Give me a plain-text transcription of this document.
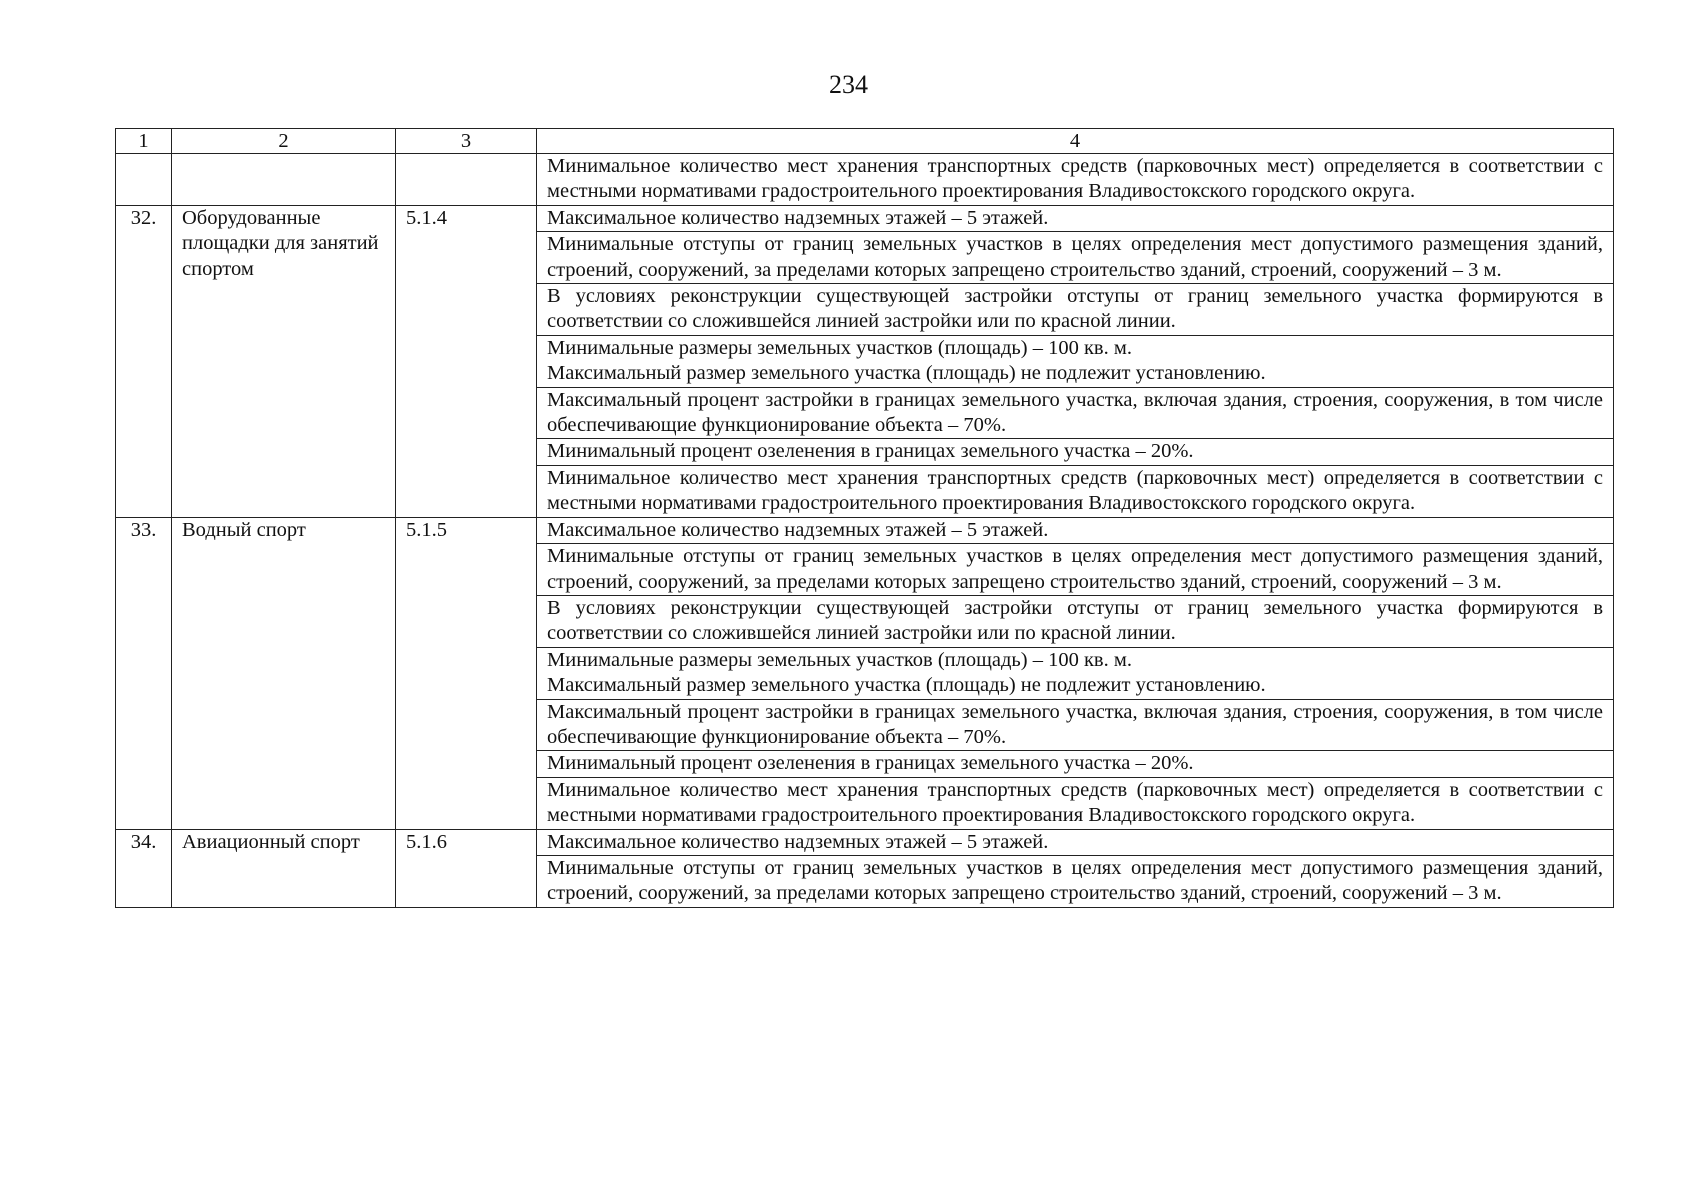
234
1	2	3	4
			Минимальное количество мест хранения транспортных средств (парковочных мест) определяется в соответствии с местными нормативами градостроительного проектирования Владивостокского городского округа.
32.	Оборудованные площадки для занятий спортом	5.1.4	Максимальное количество надземных этажей – 5 этажей.
			Минимальные отступы от границ земельных участков в целях определения мест допустимого размещения зданий, строений, сооружений, за пределами которых запрещено строительство зданий, строений, сооружений – 3 м.
			В условиях реконструкции существующей застройки отступы от границ земельного участка формируются в соответствии со сложившейся линией застройки или по красной линии.

			Минимальные размеры земельных участков (площадь) – 100 кв. м.
Максимальный размер земельного участка (площадь) не подлежит установлению.

			Максимальный процент застройки в границах земельного участка, включая здания, строения, сооружения, в том числе обеспечивающие функционирование объекта – 70%.
			Минимальный процент озеленения в границах земельного участка – 20%.
			Минимальное количество мест хранения транспортных средств (парковочных мест) определяется в соответствии с местными нормативами градостроительного проектирования Владивостокского городского округа.
33.	Водный спорт	5.1.5	Максимальное количество надземных этажей – 5 этажей.
			Минимальные отступы от границ земельных участков в целях определения мест допустимого размещения зданий, строений, сооружений, за пределами которых запрещено строительство зданий, строений, сооружений – 3 м.
			В условиях реконструкции существующей застройки отступы от границ земельного участка формируются в соответствии со сложившейся линией застройки или по красной линии.

			Минимальные размеры земельных участков (площадь) – 100 кв. м.
Максимальный размер земельного участка (площадь) не подлежит установлению.

			Максимальный процент застройки в границах земельного участка, включая здания, строения, сооружения, в том числе обеспечивающие функционирование объекта – 70%.
			Минимальный процент озеленения в границах земельного участка – 20%.
			Минимальное количество мест хранения транспортных средств (парковочных мест) определяется в соответствии с местными нормативами градостроительного проектирования Владивостокского городского округа.
34.	Авиационный спорт	5.1.6	Максимальное количество надземных этажей – 5 этажей.
			Минимальные отступы от границ земельных участков в целях определения мест допустимого размещения зданий, строений, сооружений, за пределами которых запрещено строительство зданий, строений, сооружений – 3 м.
